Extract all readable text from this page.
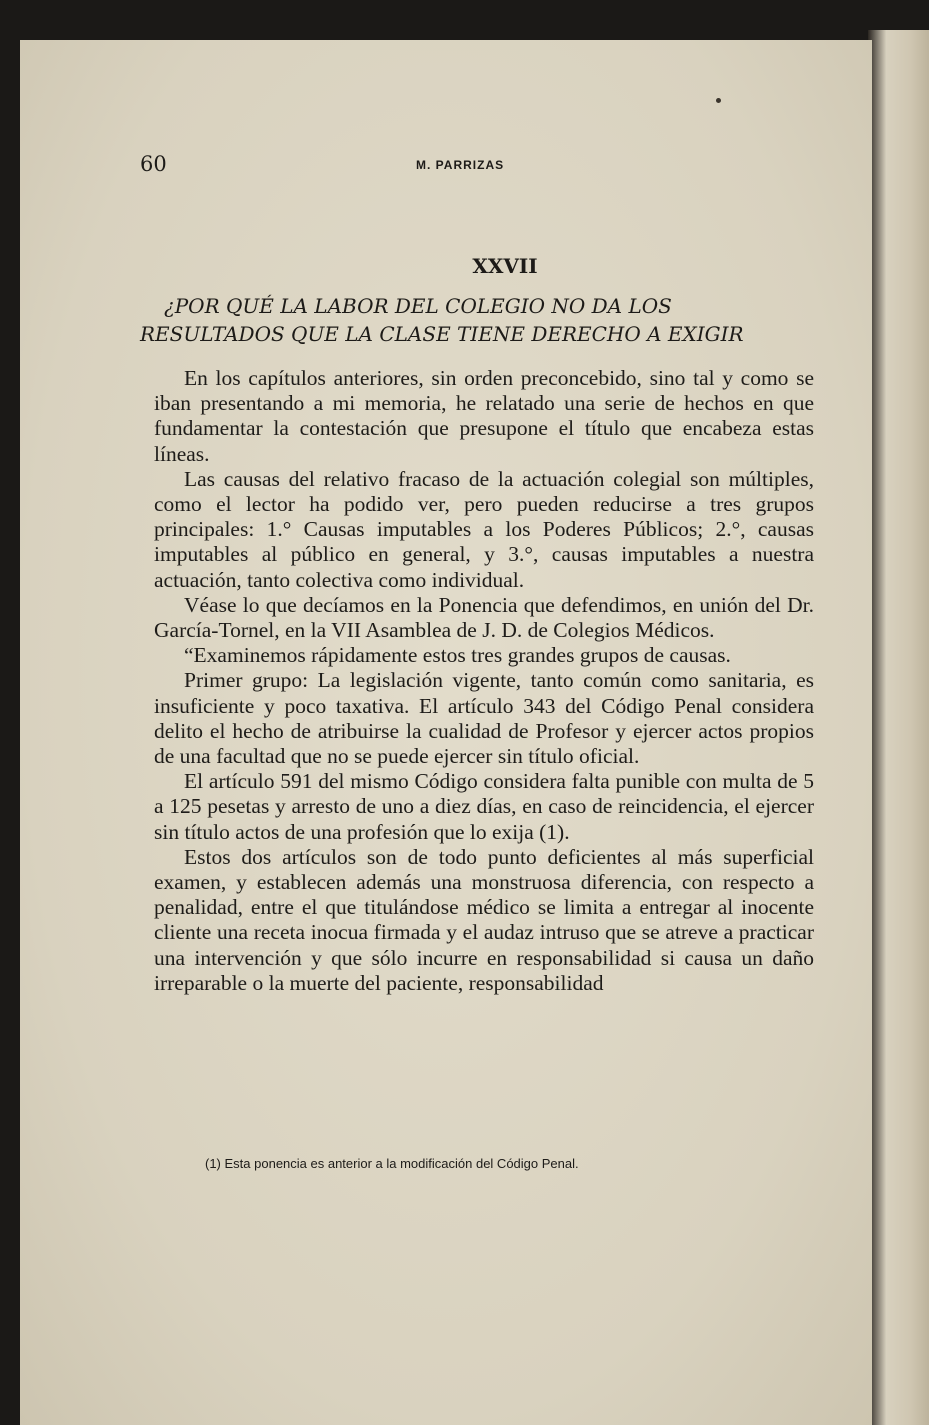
60	M. PARRIZAS
XXVII
¿POR QUÉ LA LABOR DEL COLEGIO NO DA LOS
RESULTADOS QUE LA CLASE TIENE DERECHO A EXIGIR

En los capítulos anteriores, sin orden preconcebido, sino tal y como se iban presentando a mi memoria, he relatado una serie de hechos en que fundamentar la contestación que presupone el título que encabeza estas líneas.

Las causas del relativo fracaso de la actuación colegial son múltiples, como el lector ha podido ver, pero pueden reducirse a tres grupos principales: 1.° Causas imputables a los Poderes Públicos; 2.°, causas imputables al público en general, y 3.°, causas imputables a nuestra actuación, tanto colectiva como individual.

Véase lo que decíamos en la Ponencia que defendimos, en unión del Dr. García-Tornel, en la VII Asamblea de J. D. de Colegios Médicos.

“Examinemos rápidamente estos tres grandes grupos de causas.

Primer grupo: La legislación vigente, tanto común como sanitaria, es insuficiente y poco taxativa. El artículo 343 del Código Penal considera delito el hecho de atribuirse la cualidad de Profesor y ejercer actos propios de una facultad que no se puede ejercer sin título oficial.

El artículo 591 del mismo Código considera falta punible con multa de 5 a 125 pesetas y arresto de uno a diez días, en caso de reincidencia, el ejercer sin título actos de una profesión que lo exija (1).

Estos dos artículos son de todo punto deficientes al más superficial examen, y establecen además una monstruosa diferencia, con respecto a penalidad, entre el que titulándose médico se limita a entregar al inocente cliente una receta inocua firmada y el audaz intruso que se atreve a practicar una intervención y que sólo incurre en responsabilidad si causa un daño irreparable o la muerte del paciente, responsabilidad

(1) Esta ponencia es anterior a la modificación del Código Penal.
